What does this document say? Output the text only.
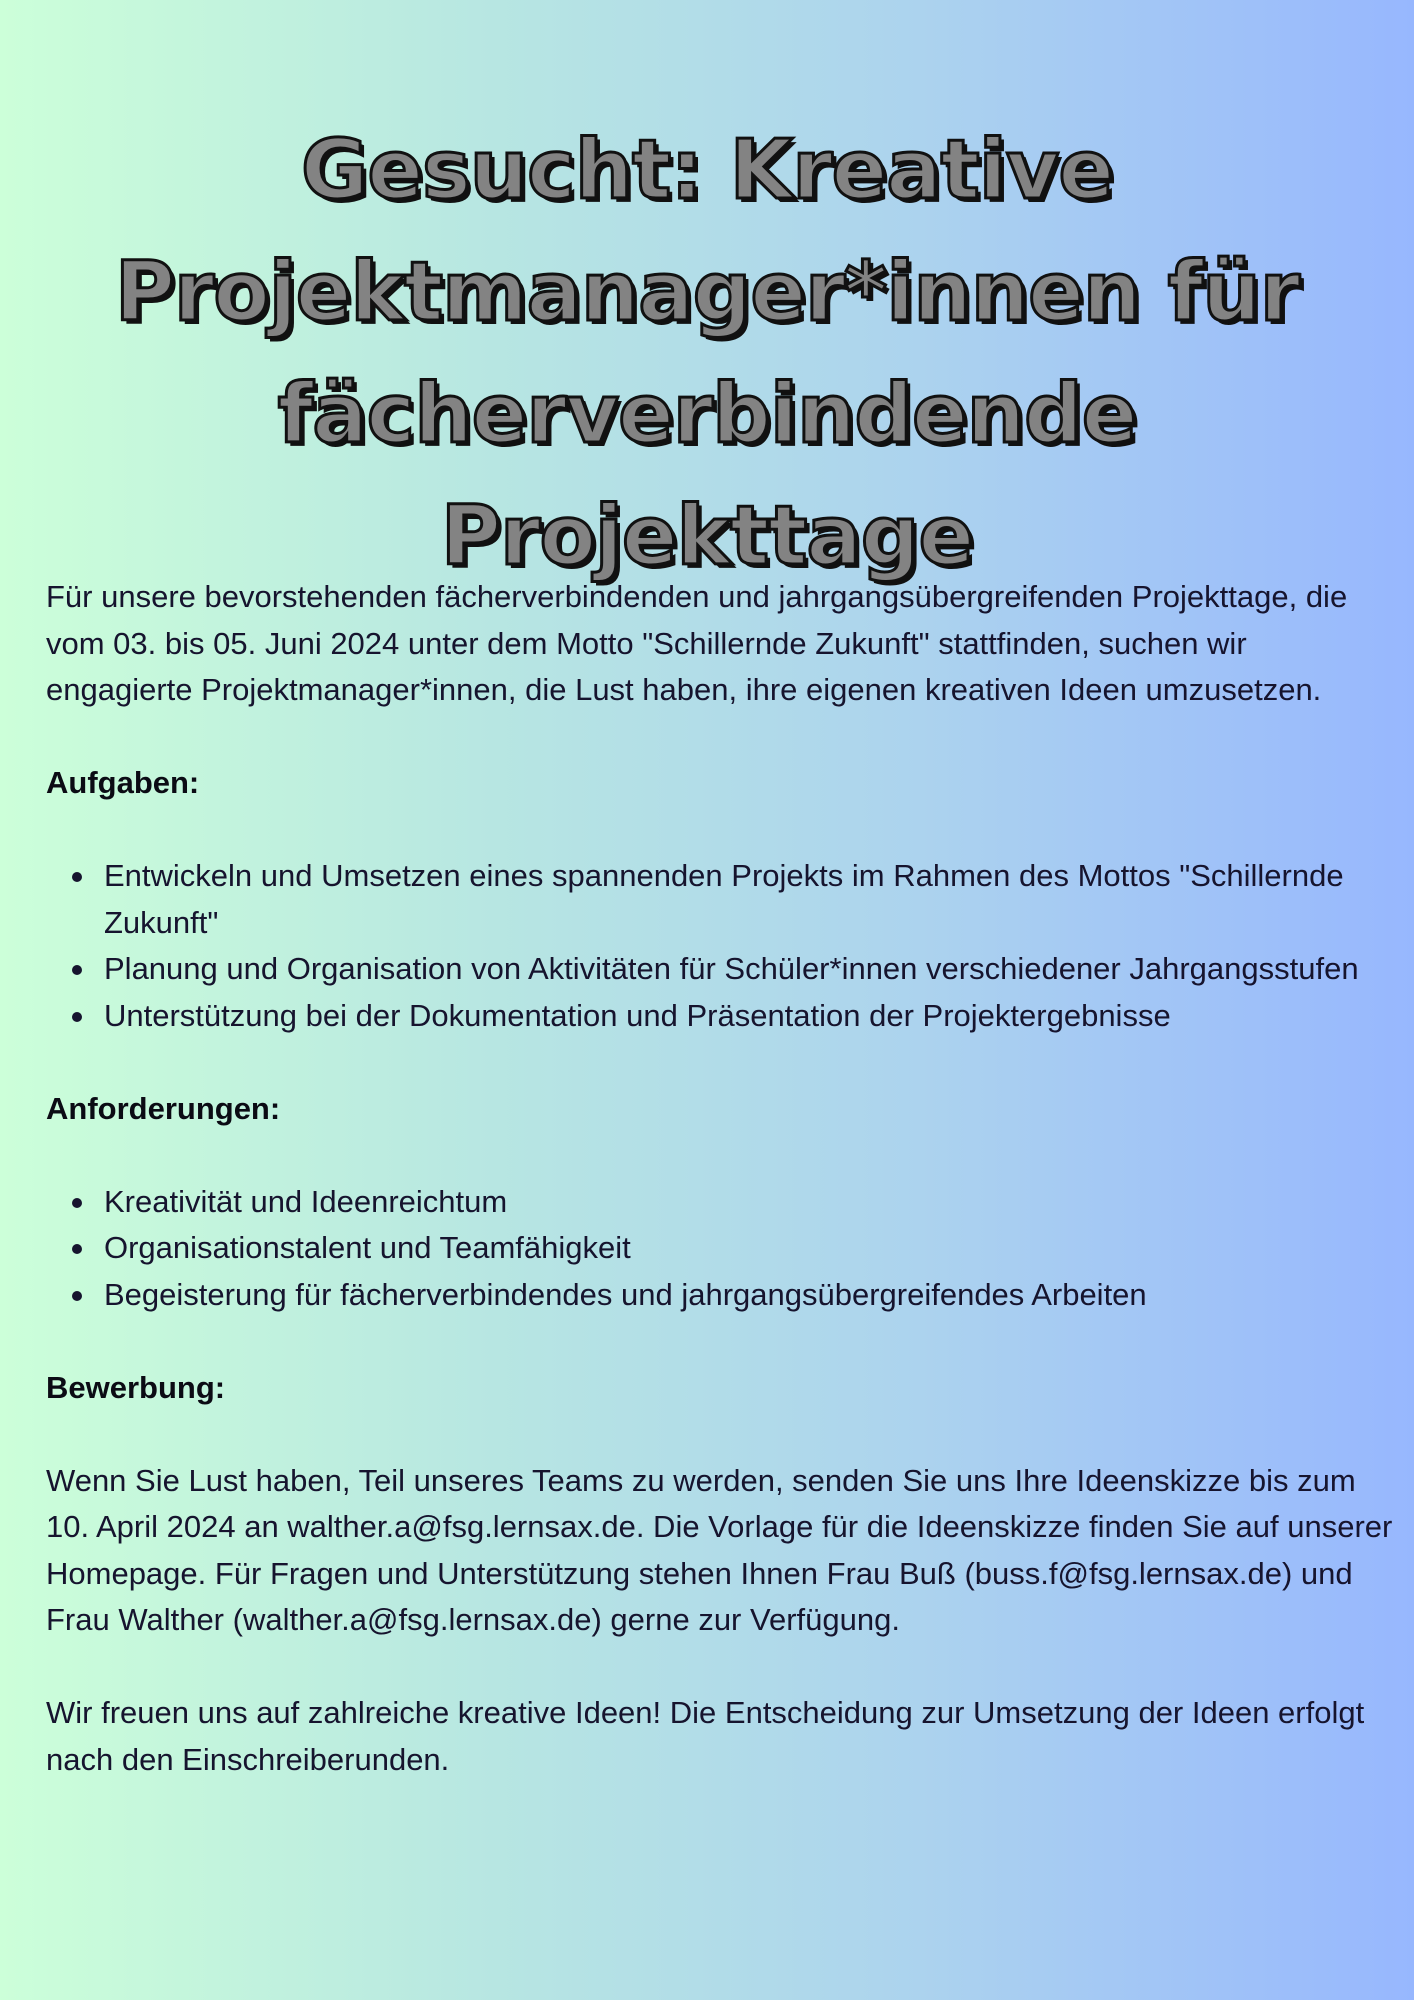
Gesucht: Kreative
Projektmanager*innen für
fächerverbindende Projekttage

Für unsere bevorstehenden fächerverbindenden und jahrgangsübergreifenden Projekttage, die vom 03. bis 05. Juni 2024 unter dem Motto "Schillernde Zukunft" stattfinden, suchen wir engagierte Projektmanager*innen, die Lust haben, ihre eigenen kreativen Ideen umzusetzen.

Aufgaben:

Entwickeln und Umsetzen eines spannenden Projekts im Rahmen des Mottos "Schillernde Zukunft"
Planung und Organisation von Aktivitäten für Schüler*innen verschiedener Jahrgangsstufen
Unterstützung bei der Dokumentation und Präsentation der Projektergebnisse

Anforderungen:

Kreativität und Ideenreichtum
Organisationstalent und Teamfähigkeit
Begeisterung für fächerverbindendes und jahrgangsübergreifendes Arbeiten

Bewerbung:

Wenn Sie Lust haben, Teil unseres Teams zu werden, senden Sie uns Ihre Ideenskizze bis zum 10. April 2024 an walther.a@fsg.lernsax.de. Die Vorlage für die Ideenskizze finden Sie auf unserer Homepage. Für Fragen und Unterstützung stehen Ihnen Frau Buß (buss.f@fsg.lernsax.de) und Frau Walther (walther.a@fsg.lernsax.de) gerne zur Verfügung.

Wir freuen uns auf zahlreiche kreative Ideen! Die Entscheidung zur Umsetzung der Ideen erfolgt nach den Einschreiberunden.
